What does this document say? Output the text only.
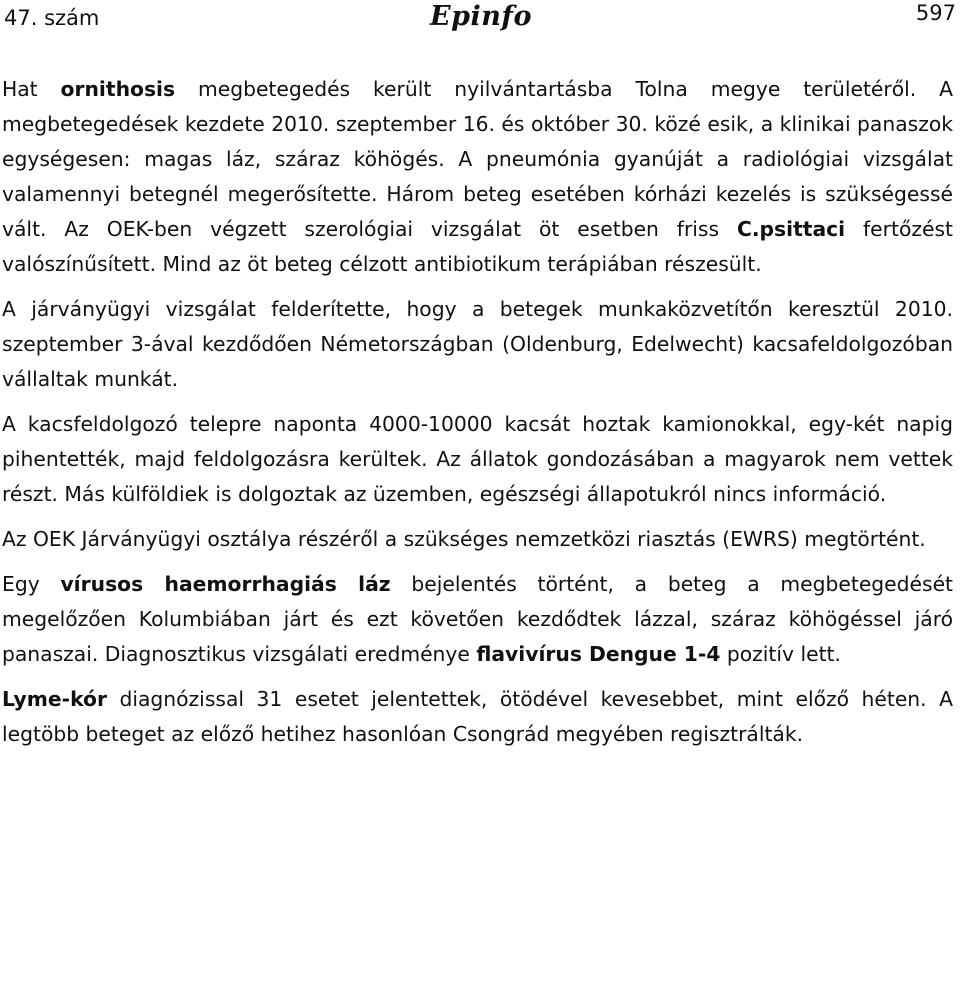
47. szám	Epinfo	597

Hat ornithosis megbetegedés került nyilvántartásba Tolna megye területéről. A megbetegedések kezdete 2010. szeptember 16. és október 30. közé esik, a klinikai panaszok egységesen: magas láz, száraz köhögés. A pneumónia gyanúját a radiológiai vizsgálat valamennyi betegnél megerősítette. Három beteg esetében kórházi kezelés is szükségessé vált. Az OEK-ben végzett szerológiai vizsgálat öt esetben friss C.psittaci fertőzést valószínűsített. Mind az öt beteg célzott antibiotikum terápiában részesült.

A járványügyi vizsgálat felderítette, hogy a betegek munkaközvetítőn keresztül 2010. szeptember 3-ával kezdődően Németországban (Oldenburg, Edelwecht) kacsafeldolgozóban vállaltak munkát.

A kacsfeldolgozó telepre naponta 4000-10000 kacsát hoztak kamionokkal, egy-két napig pihentették, majd feldolgozásra kerültek. Az állatok gondozásában a magyarok nem vettek részt. Más külföldiek is dolgoztak az üzemben, egészségi állapotukról nincs információ.

Az OEK Járványügyi osztálya részéről a szükséges nemzetközi riasztás (EWRS) megtörtént.

Egy vírusos haemorrhagiás láz bejelentés történt, a beteg a megbetegedését megelőzően Kolumbiában járt és ezt követően kezdődtek lázzal, száraz köhögéssel járó panaszai. Diagnosztikus vizsgálati eredménye flavivírus Dengue 1-4 pozitív lett.

Lyme-kór diagnózissal 31 esetet jelentettek, ötödével kevesebbet, mint előző héten. A legtöbb beteget az előző hetihez hasonlóan Csongrád megyében regisztrálták.
